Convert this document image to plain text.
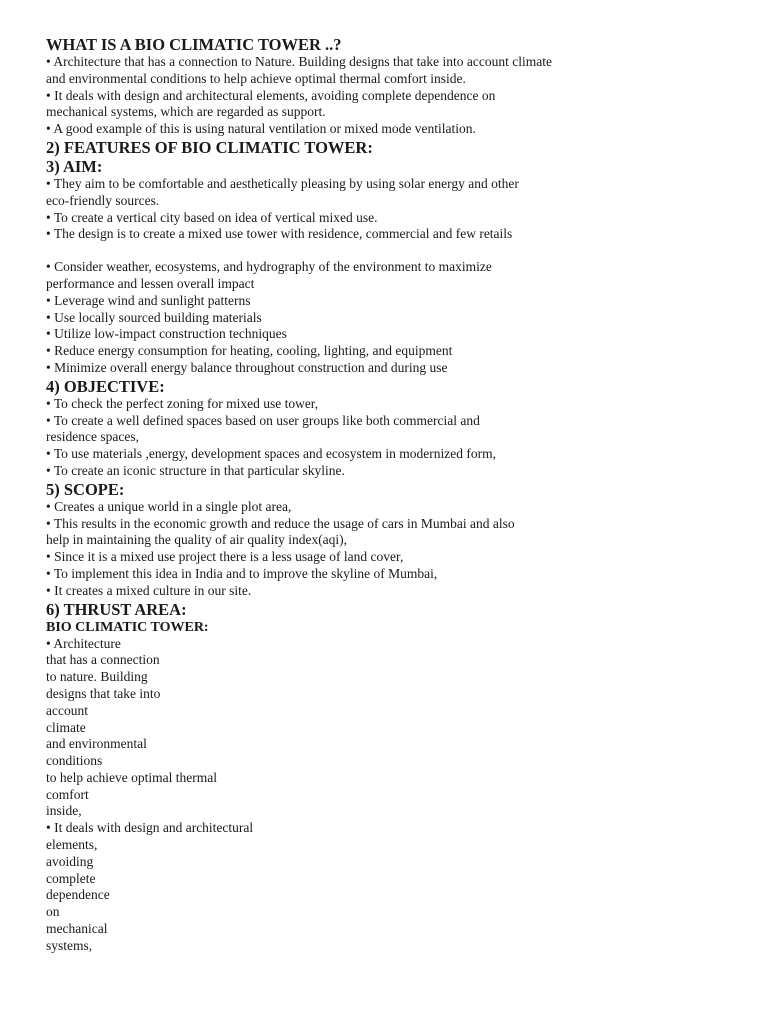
WHAT IS A BIO CLIMATIC TOWER ..?

• Architecture that has a connection to Nature. Building designs that take into account climate

and environmental conditions to help achieve optimal thermal comfort inside.

• It deals with design and architectural elements, avoiding complete dependence on

mechanical systems, which are regarded as support.

• A good example of this is using natural ventilation or mixed mode ventilation.

2) FEATURES OF BIO CLIMATIC TOWER:

3) AIM:

• They aim to be comfortable and aesthetically pleasing by using solar energy and other

eco-friendly sources.

• To create a vertical city based on idea of vertical mixed use.

• The design is to create a mixed use tower with residence, commercial and few retails

• Consider weather, ecosystems, and hydrography of the environment to maximize

performance and lessen overall impact

• Leverage wind and sunlight patterns

• Use locally sourced building materials

• Utilize low-impact construction techniques

• Reduce energy consumption for heating, cooling, lighting, and equipment

• Minimize overall energy balance throughout construction and during use

4) OBJECTIVE:

• To check the perfect zoning for mixed use tower,

• To create a well defined spaces based on user groups like both commercial and

residence spaces,

• To use materials ,energy, development spaces and ecosystem in modernized form,

• To create an iconic structure in that particular skyline.

5) SCOPE:

• Creates a unique world in a single plot area,

• This results in the economic growth and reduce the usage of cars in Mumbai and also

help in maintaining the quality of air quality index(aqi),

• Since it is a mixed use project there is a less usage of land cover,

• To implement this idea in India and to improve the skyline of Mumbai,

• It creates a mixed culture in our site.

6) THRUST AREA:

BIO CLIMATIC TOWER:

• Architecture

that has a connection

to nature. Building

designs that take into

account

climate

and environmental

conditions

to help achieve optimal thermal

comfort

inside,

• It deals with design and architectural

elements,

avoiding

complete

dependence

on

mechanical

systems,
